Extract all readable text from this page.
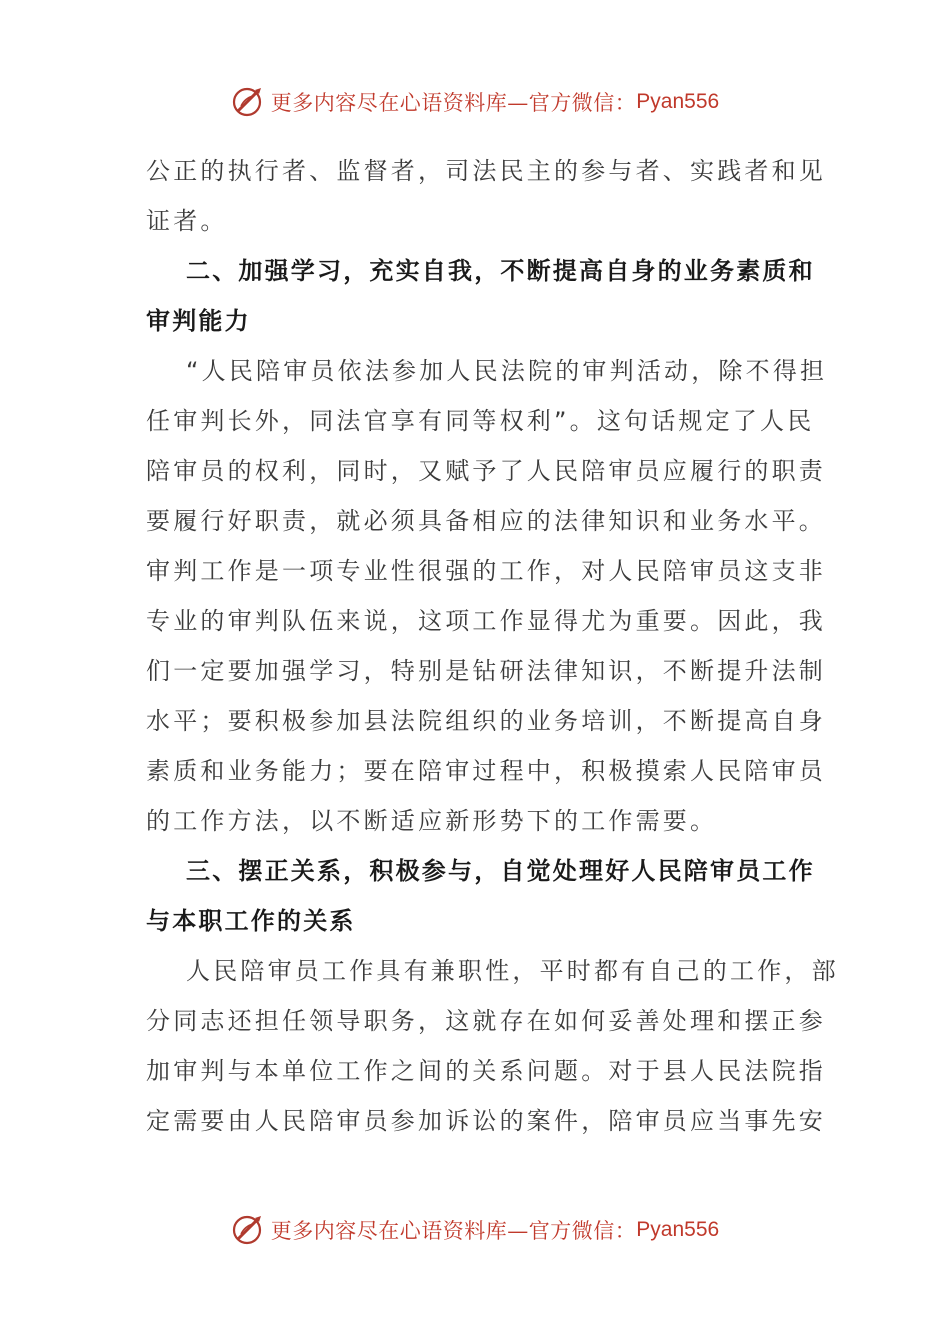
更多内容尽在心语资料库—官方微信： Pyan556

公正的执行者、监督者，司法民主的参与者、实践者和见
证者。

二、加强学习，充实自我，不断提高自身的业务素质和
审判能力

“人民陪审员依法参加人民法院的审判活动，除不得担
任审判长外，同法官享有同等权利”。这句话规定了人民
陪审员的权利，同时，又赋予了人民陪审员应履行的职责
要履行好职责，就必须具备相应的法律知识和业务水平。
审判工作是一项专业性很强的工作，对人民陪审员这支非
专业的审判队伍来说，这项工作显得尤为重要。因此，我
们一定要加强学习，特别是钻研法律知识，不断提升法制
水平；要积极参加县法院组织的业务培训，不断提高自身
素质和业务能力；要在陪审过程中，积极摸索人民陪审员
的工作方法，以不断适应新形势下的工作需要。

三、摆正关系，积极参与，自觉处理好人民陪审员工作
与本职工作的关系

人民陪审员工作具有兼职性，平时都有自己的工作，部
分同志还担任领导职务，这就存在如何妥善处理和摆正参
加审判与本单位工作之间的关系问题。对于县人民法院指
定需要由人民陪审员参加诉讼的案件，陪审员应当事先安

更多内容尽在心语资料库—官方微信： Pyan556
